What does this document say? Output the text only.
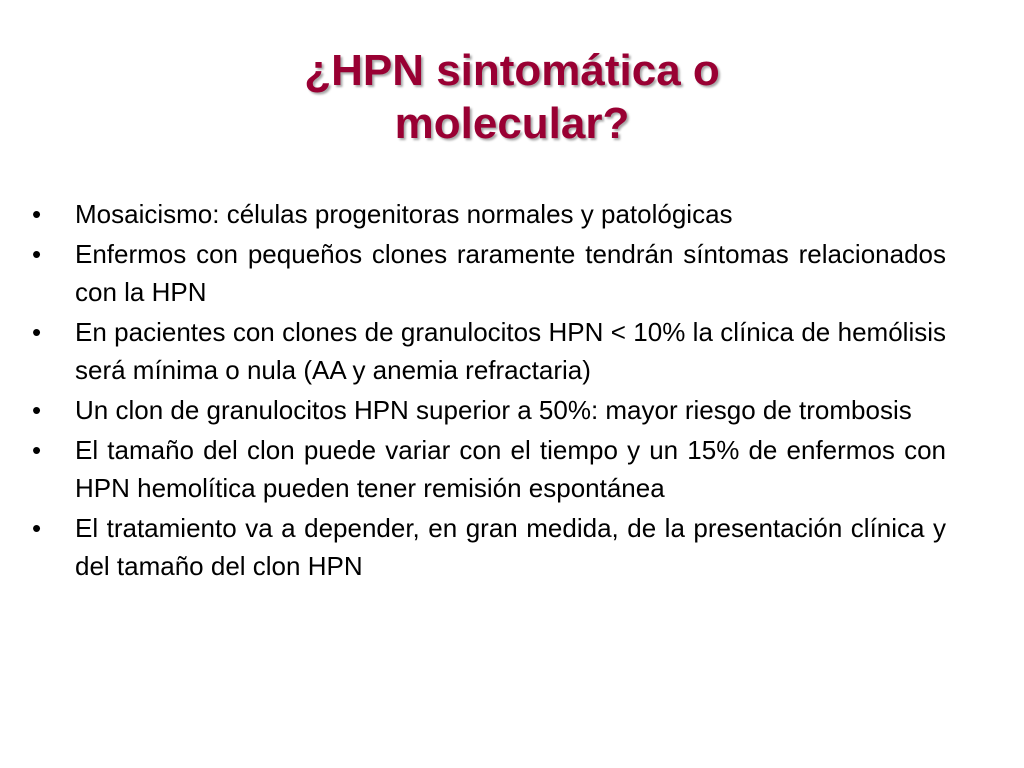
¿HPN sintomática o
molecular?
• Mosaicismo: células progenitoras normales y patológicas
• Enfermos con pequeños clones raramente tendrán síntomas relacionados con la HPN
• En pacientes con clones de granulocitos HPN < 10% la clínica de hemólisis será mínima o nula (AA y anemia refractaria)
• Un clon de granulocitos HPN superior a 50%: mayor riesgo de trombosis
• El tamaño del clon puede variar con el tiempo y un 15% de enfermos con HPN hemolítica pueden tener remisión espontánea
• El tratamiento va a depender, en gran medida, de la presentación clínica y del tamaño del clon HPN
